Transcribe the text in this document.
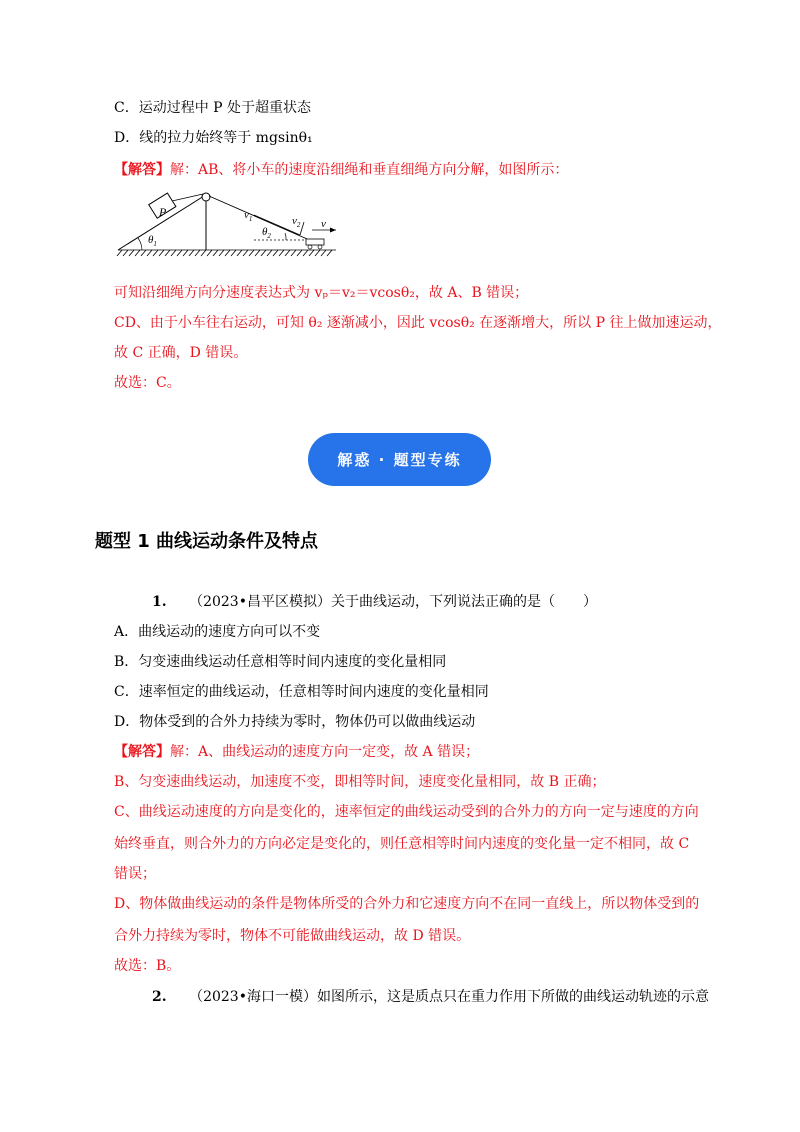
C．运动过程中 P 处于超重状态
D．线的拉力始终等于 mgsinθ₁
【解答】解：AB、将小车的速度沿细绳和垂直细绳方向分解，如图所示：
P
$\theta_1$
$\theta_2$
$v_1$	$v_2$ v
可知沿细绳方向分速度表达式为 vₚ＝v₂＝vcosθ₂，故 A、B 错误；
CD、由于小车往右运动，可知 θ₂ 逐渐减小，因此 vcosθ₂ 在逐渐增大，所以 P 往上做加速运动，
故 C 正确，D 错误。
故选：C。
解惑 · 题型专练
题型 1 曲线运动条件及特点
1. （2023•昌平区模拟）关于曲线运动，下列说法正确的是（　　）
A．曲线运动的速度方向可以不变
B．匀变速曲线运动任意相等时间内速度的变化量相同
C．速率恒定的曲线运动，任意相等时间内速度的变化量相同
D．物体受到的合外力持续为零时，物体仍可以做曲线运动
【解答】解：A、曲线运动的速度方向一定变，故 A 错误；
B、匀变速曲线运动，加速度不变，即相等时间，速度变化量相同，故 B 正确；
C、曲线运动速度的方向是变化的，速率恒定的曲线运动受到的合外力的方向一定与速度的方向
始终垂直，则合外力的方向必定是变化的，则任意相等时间内速度的变化量一定不相同，故 C
错误；
D、物体做曲线运动的条件是物体所受的合外力和它速度方向不在同一直线上，所以物体受到的
合外力持续为零时，物体不可能做曲线运动，故 D 错误。
故选：B。
2. （2023•海口一模）如图所示，这是质点只在重力作用下所做的曲线运动轨迹的示意
